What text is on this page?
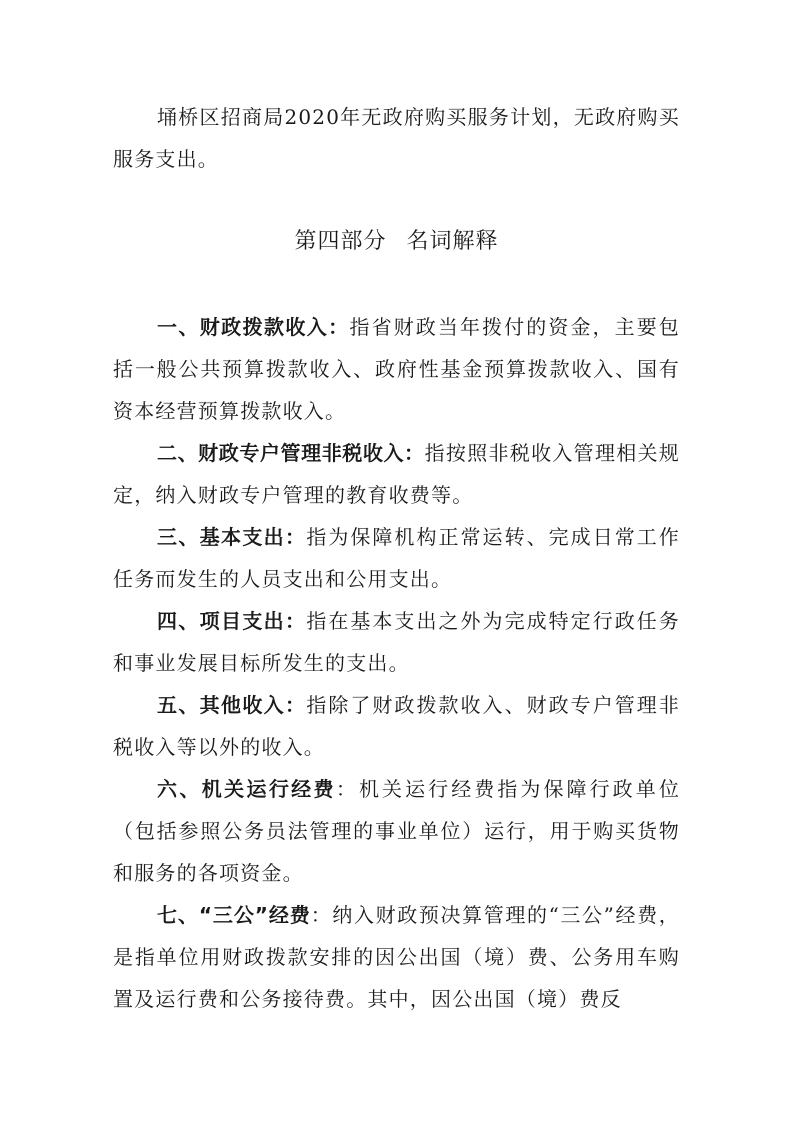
埇桥区招商局2020年无政府购买服务计划，无政府购买服务支出。

第四部分 名词解释

一、财政拨款收入：指省财政当年拨付的资金，主要包括一般公共预算拨款收入、政府性基金预算拨款收入、国有资本经营预算拨款收入。

二、财政专户管理非税收入：指按照非税收入管理相关规定，纳入财政专户管理的教育收费等。

三、基本支出：指为保障机构正常运转、完成日常工作任务而发生的人员支出和公用支出。

四、项目支出：指在基本支出之外为完成特定行政任务和事业发展目标所发生的支出。

五、其他收入：指除了财政拨款收入、财政专户管理非税收入等以外的收入。

六、机关运行经费：机关运行经费指为保障行政单位（包括参照公务员法管理的事业单位）运行，用于购买货物和服务的各项资金。

七、“三公”经费：纳入财政预决算管理的“三公”经费，是指单位用财政拨款安排的因公出国（境）费、公务用车购置及运行费和公务接待费。其中，因公出国（境）费反
